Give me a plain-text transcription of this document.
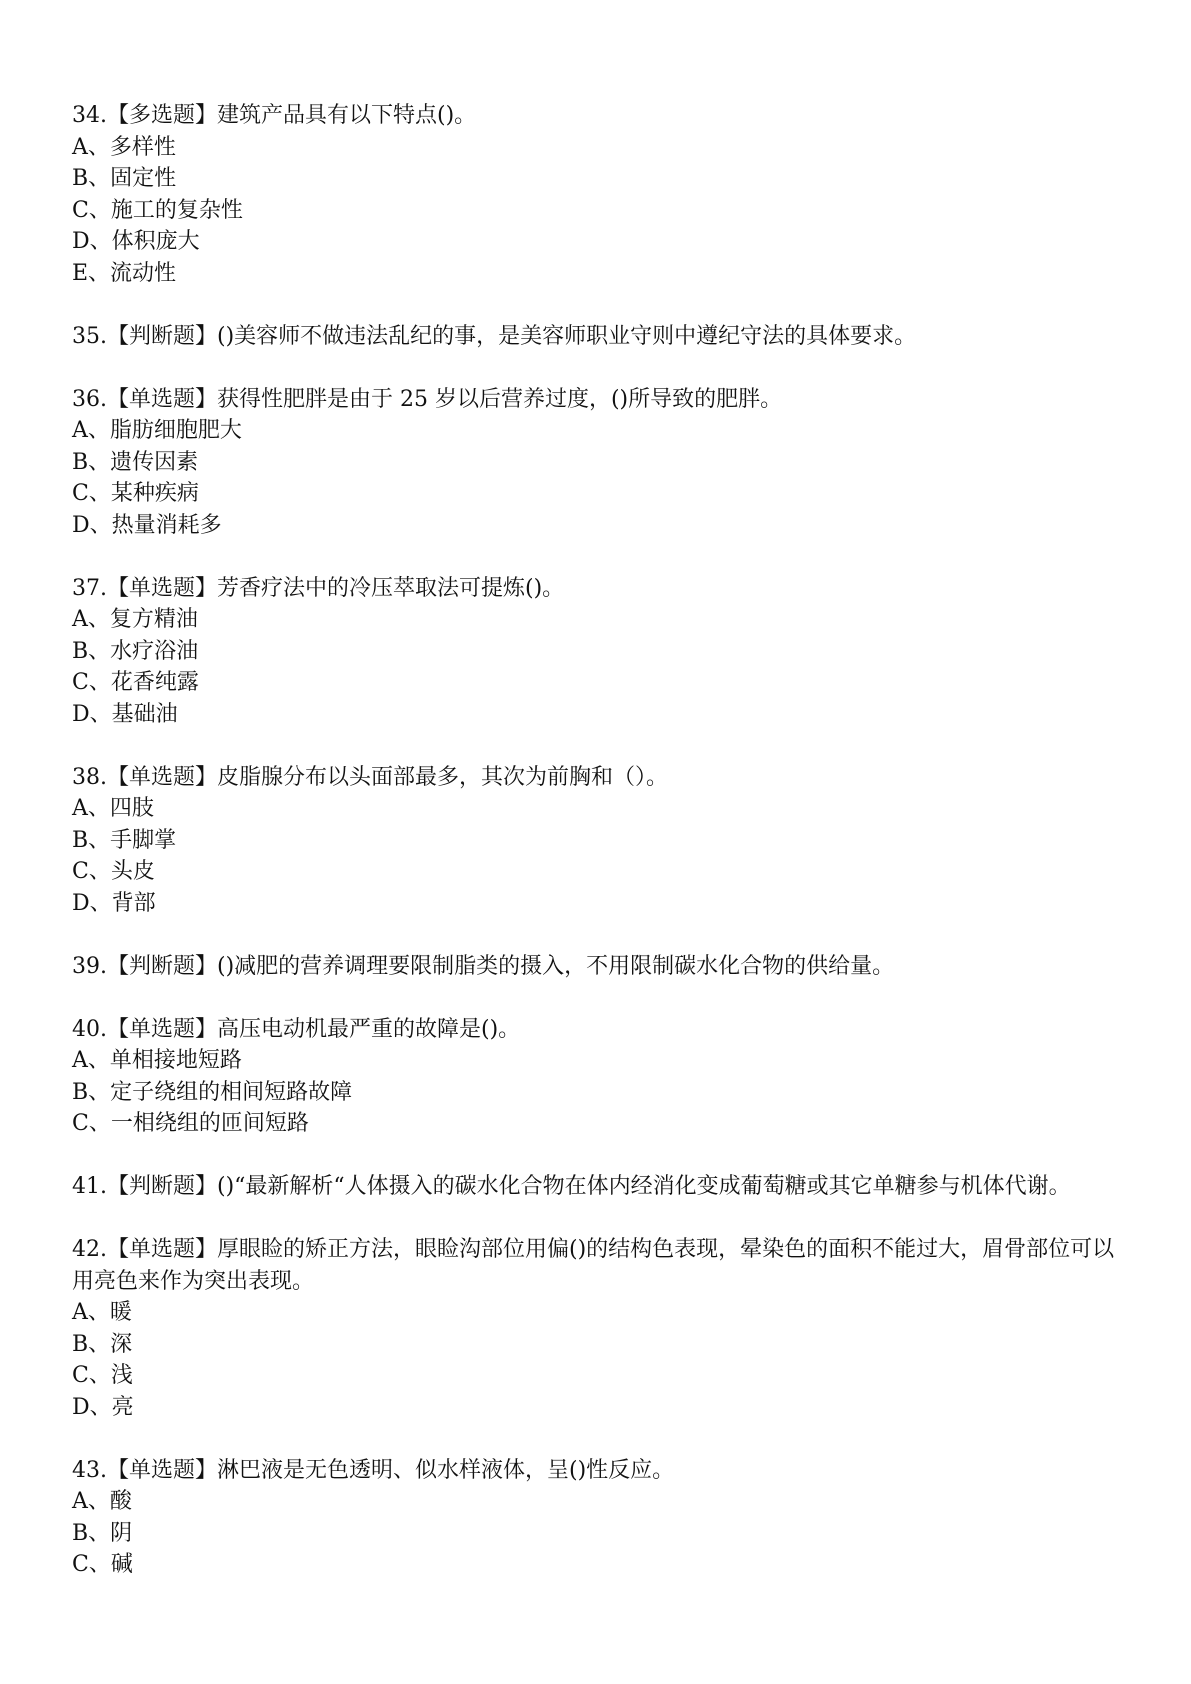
34.【多选题】建筑产品具有以下特点()。

A、多样性

B、固定性

C、施工的复杂性

D、体积庞大

E、流动性

35.【判断题】()美容师不做违法乱纪的事，是美容师职业守则中遵纪守法的具体要求。

36.【单选题】获得性肥胖是由于 25 岁以后营养过度，()所导致的肥胖。

A、脂肪细胞肥大

B、遗传因素

C、某种疾病

D、热量消耗多

37.【单选题】芳香疗法中的冷压萃取法可提炼()。

A、复方精油

B、水疗浴油

C、花香纯露

D、基础油

38.【单选题】皮脂腺分布以头面部最多，其次为前胸和（）。

A、四肢

B、手脚掌

C、头皮

D、背部

39.【判断题】()减肥的营养调理要限制脂类的摄入，不用限制碳水化合物的供给量。

40.【单选题】高压电动机最严重的故障是()。

A、单相接地短路

B、定子绕组的相间短路故障

C、一相绕组的匝间短路

41.【判断题】()“最新解析“人体摄入的碳水化合物在体内经消化变成葡萄糖或其它单糖参与机体代谢。

42.【单选题】厚眼睑的矫正方法，眼睑沟部位用偏()的结构色表现，晕染色的面积不能过大，眉骨部位可以用亮色来作为突出表现。

A、暖

B、深

C、浅

D、亮

43.【单选题】淋巴液是无色透明、似水样液体，呈()性反应。

A、酸

B、阴

C、碱
